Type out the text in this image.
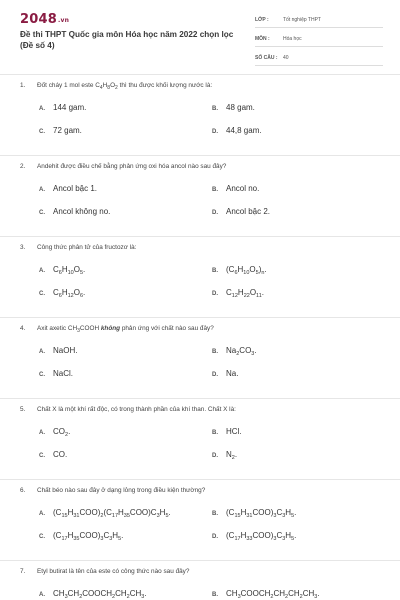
2048.vn
Đề thi THPT Quốc gia môn Hóa học năm 2022 chọn lọc (Đề số 4)
LỚP :	Tốt nghiệp THPT
MÔN :	Hóa học
SỐ CÂU : 40
1. Đốt cháy 1 mol este $C_4H_8O_2$ thì thu được khối lượng nước là:
A. 144 gam.	B. 48 gam.
C. 72 gam.	D. 44,8 gam.
2. Andehit được điều chế bằng phản ứng oxi hóa ancol nào sau đây?
A. Ancol bậc 1.	B. Ancol no.
C. Ancol không no.	D. Ancol bậc 2.
3. Công thức phân tử của fructozơ là:
A. $C_6H_{10}O_5$.	B. $(C_6H_{10}O_5)_n$.
C. $C_6H_{12}O_6$.	D. $C_{12}H_{22}O_{11}$.
4. Axit axetic $CH_3COOH$ không phản ứng với chất nào sau đây?
A. NaOH.	B. $Na_2CO_3$.
C. NaCl.	D. Na.
5. Chất X là một khí rất độc, có trong thành phần của khí than. Chất X là:
A. $CO_2$.	B. HCl.
C. CO.	D. $N_2$.
6. Chất béo nào sau đây ở dạng lỏng trong điều kiện thường?
A. $(C_{15}H_{31}COO)_2(C_{17}H_{35}COO)C_3H_5$.	B. $(C_{15}H_{31}COO)_3C_3H_5$.
C. $(C_{17}H_{35}COO)_3C_3H_5$.	D. $(C_{17}H_{33}COO)_3C_3H_5$.
7. Etyl butirat là tên của este có công thức nào sau đây?
A. $CH_3CH_2COOCH_2CH_2CH_3$.	B. $CH_3COOCH_2CH_2CH_2CH_3$.
